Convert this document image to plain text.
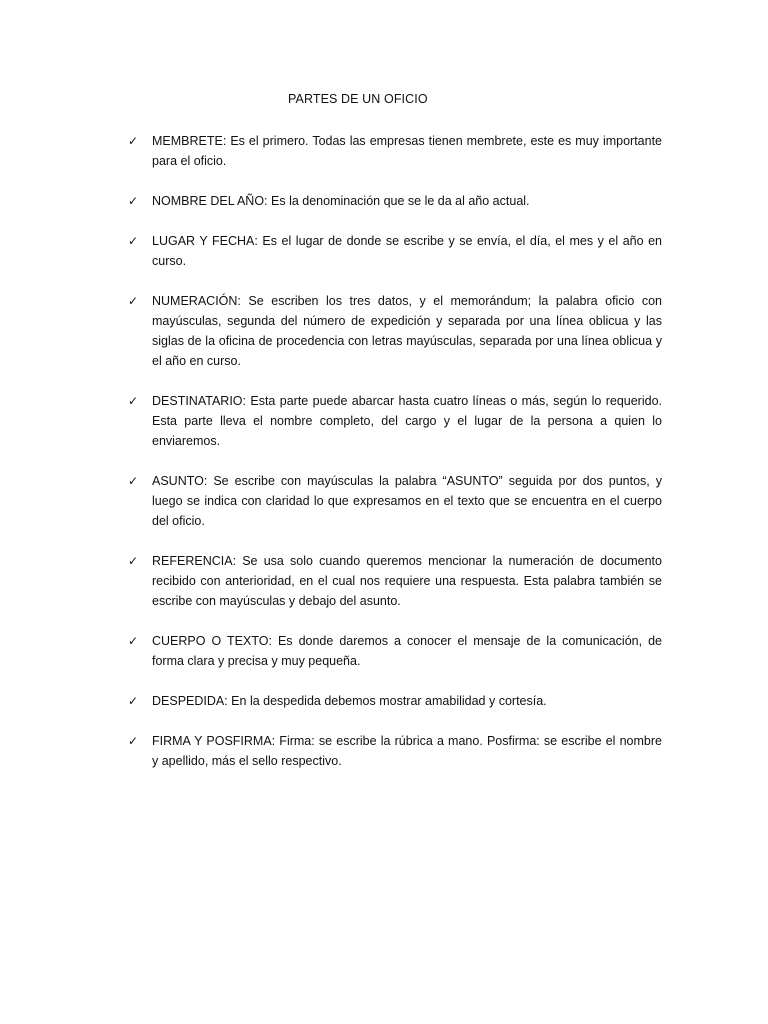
PARTES DE UN OFICIO
✓ MEMBRETE: Es el primero. Todas las empresas tienen membrete, este es muy importante para el oficio.
✓ NOMBRE DEL AÑO: Es la denominación que se le da al año actual.
✓ LUGAR Y FECHA: Es el lugar de donde se escribe y se envía, el día, el mes y el año en curso.
✓ NUMERACIÓN: Se escriben los tres datos, y el memorándum; la palabra oficio con mayúsculas, segunda del número de expedición y separada por una línea oblicua y las siglas de la oficina de procedencia con letras mayúsculas, separada por una línea oblicua y el año en curso.
✓ DESTINATARIO: Esta parte puede abarcar hasta cuatro líneas o más, según lo requerido. Esta parte lleva el nombre completo, del cargo y el lugar de la persona a quien lo enviaremos.
✓ ASUNTO: Se escribe con mayúsculas la palabra “ASUNTO” seguida por dos puntos, y luego se indica con claridad lo que expresamos en el texto que se encuentra en el cuerpo del oficio.
✓ REFERENCIA: Se usa solo cuando queremos mencionar la numeración de documento recibido con anterioridad, en el cual nos requiere una respuesta. Esta palabra también se escribe con mayúsculas y debajo del asunto.
✓ CUERPO O TEXTO: Es donde daremos a conocer el mensaje de la comunicación, de forma clara y precisa y muy pequeña.
✓ DESPEDIDA: En la despedida debemos mostrar amabilidad y cortesía.
✓ FIRMA Y POSFIRMA: Firma: se escribe la rúbrica a mano. Posfirma: se escribe el nombre y apellido, más el sello respectivo.
